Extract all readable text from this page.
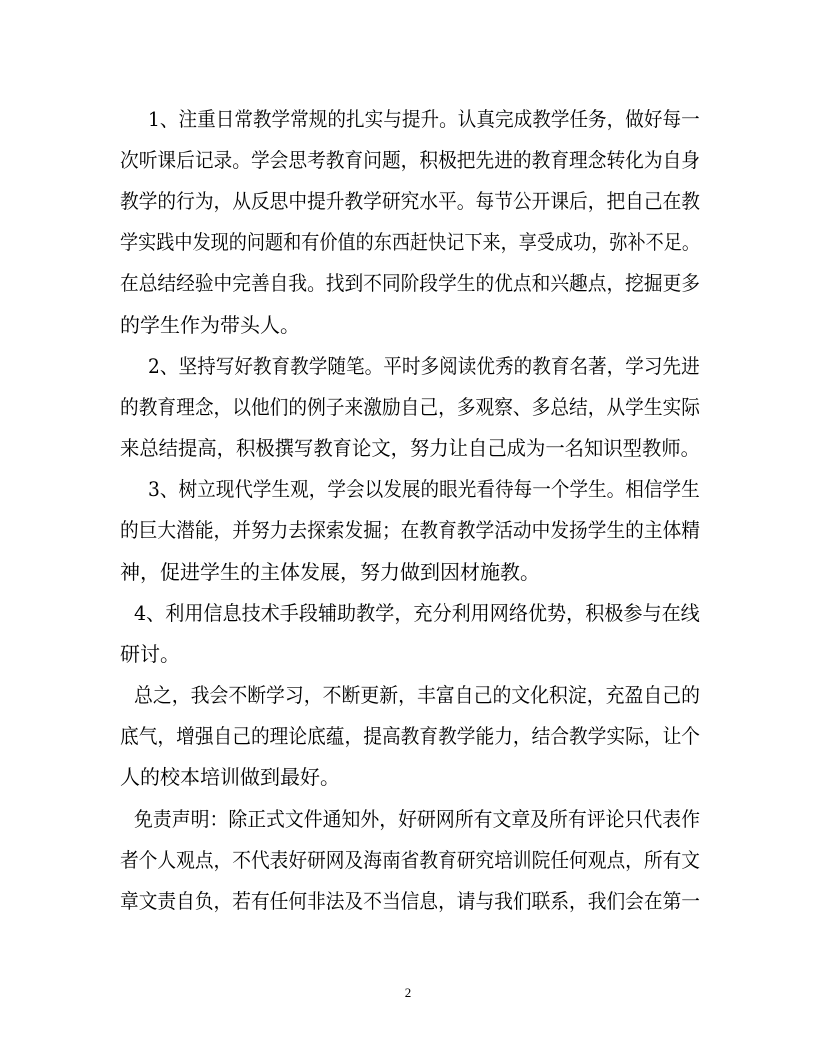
1、注重日常教学常规的扎实与提升。认真完成教学任务，做好每一
次听课后记录。学会思考教育问题，积极把先进的教育理念转化为自身
教学的行为，从反思中提升教学研究水平。每节公开课后，把自己在教
学实践中发现的问题和有价值的东西赶快记下来，享受成功，弥补不足。
在总结经验中完善自我。找到不同阶段学生的优点和兴趣点，挖掘更多
的学生作为带头人。
2、坚持写好教育教学随笔。平时多阅读优秀的教育名著，学习先进
的教育理念，以他们的例子来激励自己，多观察、多总结，从学生实际
来总结提高，积极撰写教育论文，努力让自己成为一名知识型教师。
3、树立现代学生观，学会以发展的眼光看待每一个学生。相信学生
的巨大潜能，并努力去探索发掘；在教育教学活动中发扬学生的主体精
神，促进学生的主体发展，努力做到因材施教。
4、利用信息技术手段辅助教学，充分利用网络优势，积极参与在线
研讨。
总之，我会不断学习，不断更新，丰富自己的文化积淀，充盈自己的
底气，增强自己的理论底蕴，提高教育教学能力，结合教学实际，让个
人的校本培训做到最好。
免责声明：除正式文件通知外，好研网所有文章及所有评论只代表作
者个人观点，不代表好研网及海南省教育研究培训院任何观点，所有文
章文责自负，若有任何非法及不当信息，请与我们联系，我们会在第一
2
